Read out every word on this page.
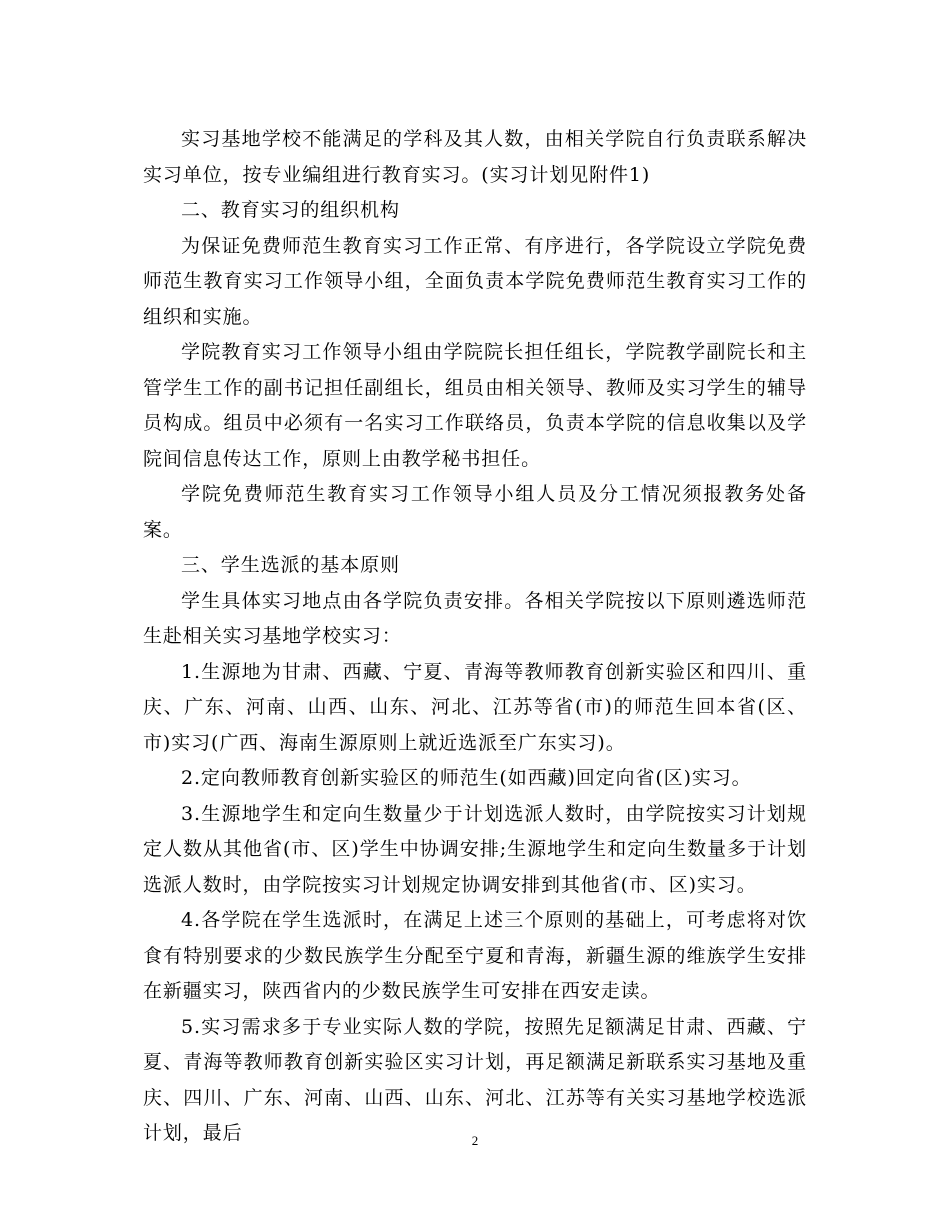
实习基地学校不能满足的学科及其人数，由相关学院自行负责联系解决实习单位，按专业编组进行教育实习。(实习计划见附件1)

二、教育实习的组织机构

为保证免费师范生教育实习工作正常、有序进行，各学院设立学院免费师范生教育实习工作领导小组，全面负责本学院免费师范生教育实习工作的组织和实施。

学院教育实习工作领导小组由学院院长担任组长，学院教学副院长和主管学生工作的副书记担任副组长，组员由相关领导、教师及实习学生的辅导员构成。组员中必须有一名实习工作联络员，负责本学院的信息收集以及学院间信息传达工作，原则上由教学秘书担任。

学院免费师范生教育实习工作领导小组人员及分工情况须报教务处备案。

三、学生选派的基本原则

学生具体实习地点由各学院负责安排。各相关学院按以下原则遴选师范生赴相关实习基地学校实习：

1.生源地为甘肃、西藏、宁夏、青海等教师教育创新实验区和四川、重庆、广东、河南、山西、山东、河北、江苏等省(市)的师范生回本省(区、市)实习(广西、海南生源原则上就近选派至广东实习)。

2.定向教师教育创新实验区的师范生(如西藏)回定向省(区)实习。

3.生源地学生和定向生数量少于计划选派人数时，由学院按实习计划规定人数从其他省(市、区)学生中协调安排;生源地学生和定向生数量多于计划选派人数时，由学院按实习计划规定协调安排到其他省(市、区)实习。

4.各学院在学生选派时，在满足上述三个原则的基础上，可考虑将对饮食有特别要求的少数民族学生分配至宁夏和青海，新疆生源的维族学生安排在新疆实习，陕西省内的少数民族学生可安排在西安走读。

5.实习需求多于专业实际人数的学院，按照先足额满足甘肃、西藏、宁夏、青海等教师教育创新实验区实习计划，再足额满足新联系实习基地及重庆、四川、广东、河南、山西、山东、河北、江苏等有关实习基地学校选派计划，最后	2
